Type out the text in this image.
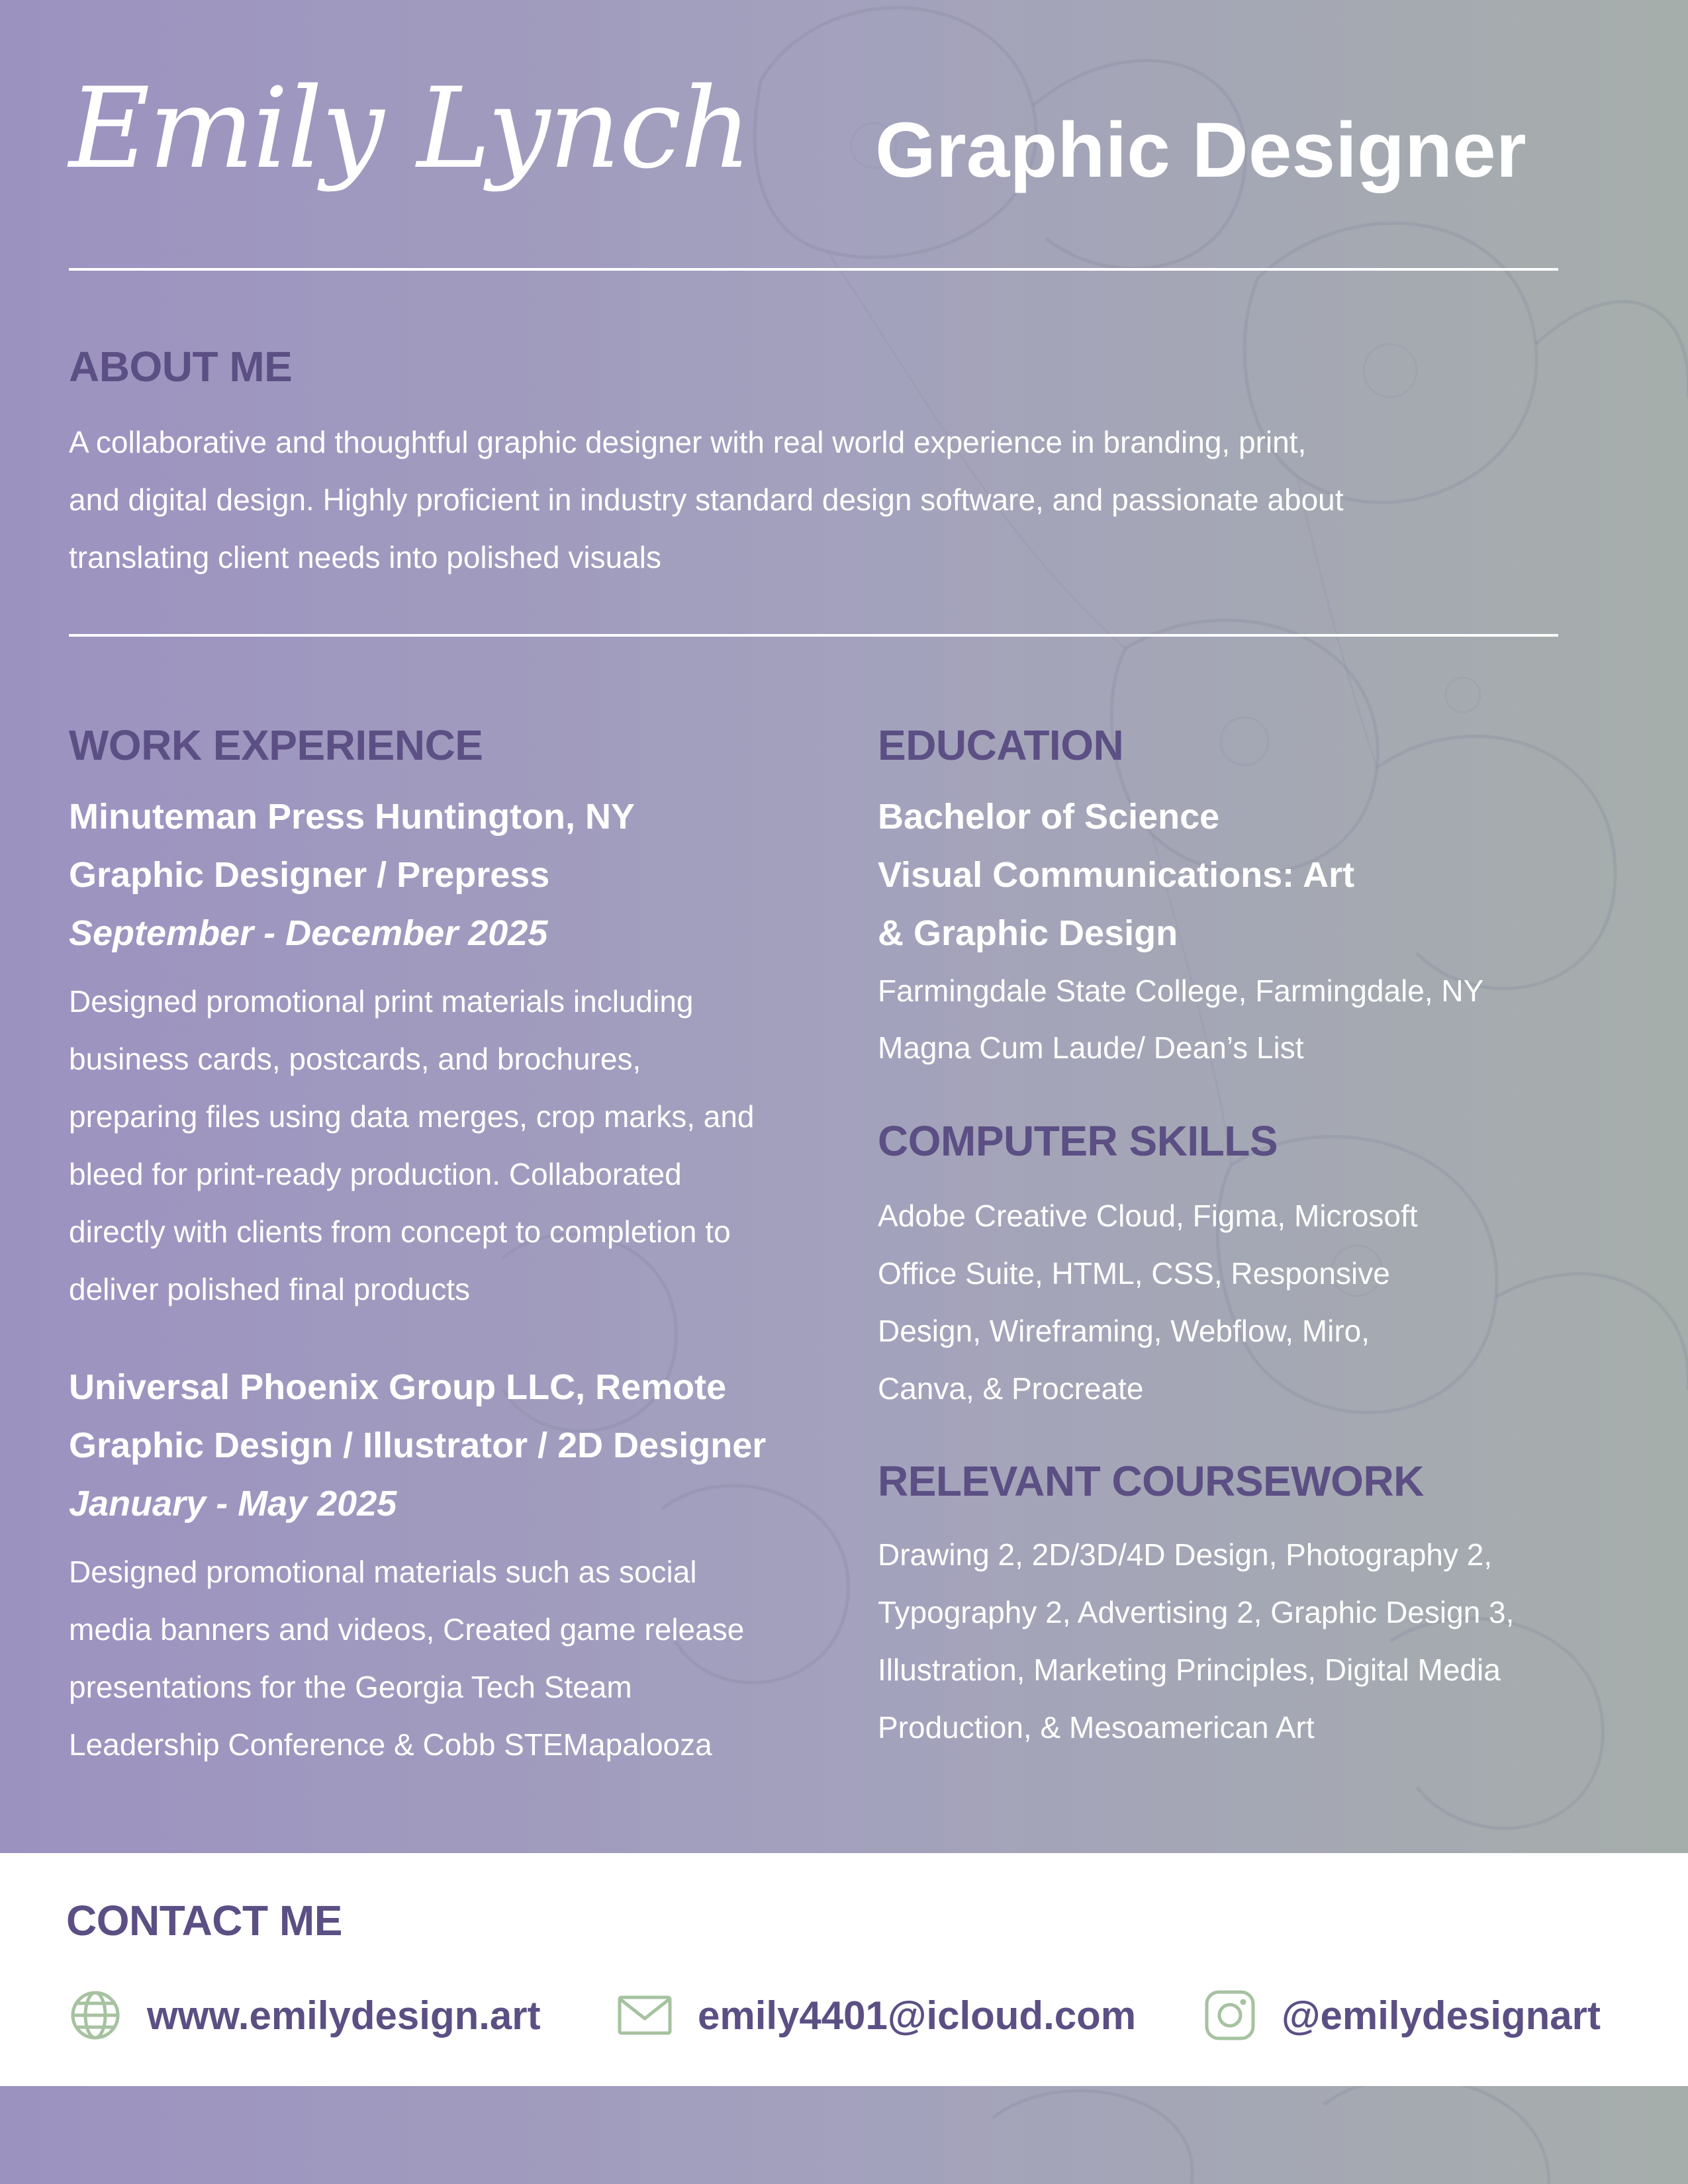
Emily Lynch Graphic Designer
ABOUT ME
A collaborative and thoughtful graphic designer with real world experience in branding, print,
and digital design. Highly proficient in industry standard design software, and passionate about
translating client needs into polished visuals
WORK EXPERIENCE
Minuteman Press Huntington, NY
Graphic Designer / Prepress
September - December 2025
Designed promotional print materials including
business cards, postcards, and brochures,
preparing files using data merges, crop marks, and
bleed for print-ready production. Collaborated
directly with clients from concept to completion to
deliver polished final products
Universal Phoenix Group LLC, Remote
Graphic Design / Illustrator / 2D Designer
January - May 2025
Designed promotional materials such as social
media banners and videos, Created game release
presentations for the Georgia Tech Steam
Leadership Conference & Cobb STEMapalooza
EDUCATION
Bachelor of Science
Visual Communications: Art
& Graphic Design
Farmingdale State College, Farmingdale, NY
Magna Cum Laude/ Dean’s List
COMPUTER SKILLS
Adobe Creative Cloud, Figma, Microsoft
Office Suite, HTML, CSS, Responsive
Design, Wireframing, Webflow, Miro,
Canva, & Procreate
RELEVANT COURSEWORK
Drawing 2, 2D/3D/4D Design, Photography 2,
Typography 2, Advertising 2, Graphic Design 3,
Illustration, Marketing Principles, Digital Media
Production, & Mesoamerican Art
CONTACT ME
www.emilydesign.art	emily4401@icloud.com	@emilydesignart
